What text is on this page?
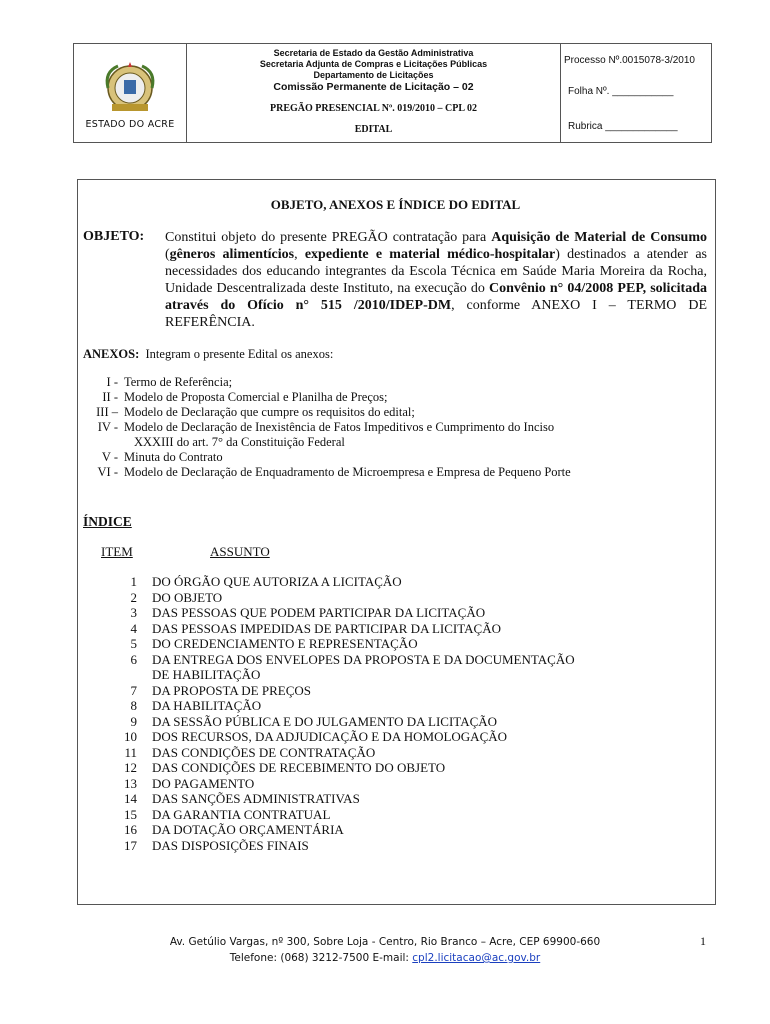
ESTADO DO ACRE
Secretaria de Estado da Gestão Administrativa
Secretaria Adjunta de Compras e Licitações Públicas
Departamento de Licitações
Comissão Permanente de Licitação – 02
PREGÃO PRESENCIAL Nº. 019/2010 – CPL 02
EDITAL
Processo Nº.0015078-3/2010
Folha Nº. ___________
Rubrica _____________
OBJETO, ANEXOS E ÍNDICE DO EDITAL
OBJETO: Constitui objeto do presente PREGÃO contratação para Aquisição de Material de Consumo (gêneros alimentícios, expediente e material médico-hospitalar) destinados a atender as necessidades dos educando integrantes da Escola Técnica em Saúde Maria Moreira da Rocha, Unidade Descentralizada deste Instituto, na execução do Convênio n° 04/2008 PEP, solicitada através do Ofício n° 515 /2010/IDEP-DM, conforme ANEXO I – TERMO DE REFERÊNCIA.
ANEXOS: Integram o presente Edital os anexos:
I - Termo de Referência;
II - Modelo de Proposta Comercial e Planilha de Preços;
III – Modelo de Declaração que cumpre os requisitos do edital;
IV - Modelo de Declaração de Inexistência de Fatos Impeditivos e Cumprimento do Inciso
XXXIII do art. 7° da Constituição Federal
V - Minuta do Contrato
VI - Modelo de Declaração de Enquadramento de Microempresa e Empresa de Pequeno Porte
ÍNDICE
ITEM	ASSUNTO
1 DO ÓRGÃO QUE AUTORIZA A LICITAÇÃO
2 DO OBJETO
3 DAS PESSOAS QUE PODEM PARTICIPAR DA LICITAÇÃO
4 DAS PESSOAS IMPEDIDAS DE PARTICIPAR DA LICITAÇÃO
5 DO CREDENCIAMENTO E REPRESENTAÇÃO
6 DA ENTREGA DOS ENVELOPES DA PROPOSTA E DA DOCUMENTAÇÃO
DE HABILITAÇÃO
7 DA PROPOSTA DE PREÇOS
8 DA HABILITAÇÃO
9 DA SESSÃO PÚBLICA E DO JULGAMENTO DA LICITAÇÃO
10 DOS RECURSOS, DA ADJUDICAÇÃO E DA HOMOLOGAÇÃO
11 DAS CONDIÇÕES DE CONTRATAÇÃO
12 DAS CONDIÇÕES DE RECEBIMENTO DO OBJETO
13 DO PAGAMENTO
14 DAS SANÇÕES ADMINISTRATIVAS
15 DA GARANTIA CONTRATUAL
16 DA DOTAÇÃO ORÇAMENTÁRIA
17 DAS DISPOSIÇÕES FINAIS
Av. Getúlio Vargas, nº 300, Sobre Loja - Centro, Rio Branco – Acre, CEP 69900-660
Telefone: (068) 3212-7500 E-mail: cpl2.licitacao@ac.gov.br
1
